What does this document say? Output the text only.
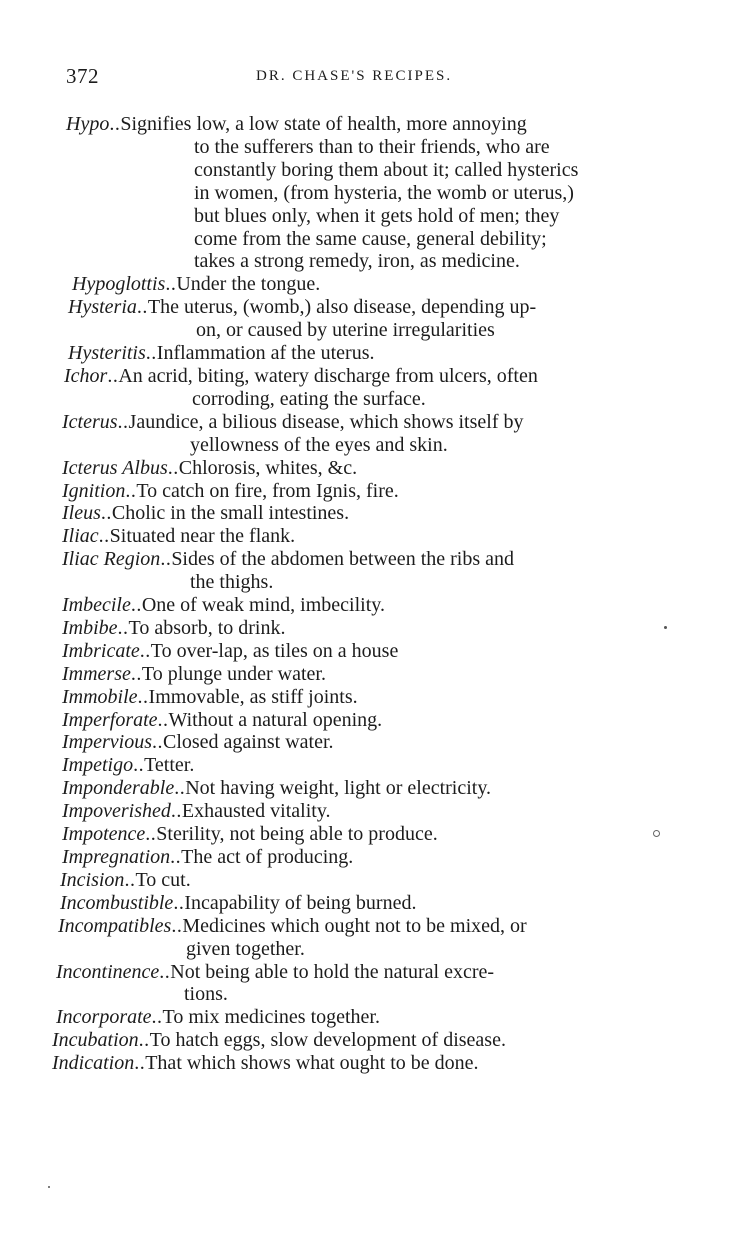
372	DR. CHASE'S RECIPES.
Hypo..Signifies low, a low state of health, more annoying
to the sufferers than to their friends, who are
constantly boring them about it; called hysterics
in women, (from hysteria, the womb or uterus,)
but blues only, when it gets hold of men; they
come from the same cause, general debility;
takes a strong remedy, iron, as medicine.
Hypoglottis..Under the tongue.
Hysteria..The uterus, (womb,) also disease, depending up-
on, or caused by uterine irregularities
Hysteritis..Inflammation af the uterus.
Ichor..An acrid, biting, watery discharge from ulcers, often
corroding, eating the surface.
Icterus..Jaundice, a bilious disease, which shows itself by
yellowness of the eyes and skin.
Icterus Albus..Chlorosis, whites, &c.
Ignition..To catch on fire, from Ignis, fire.
Ileus..Cholic in the small intestines.
Iliac..Situated near the flank.
Iliac Region..Sides of the abdomen between the ribs and
the thighs.
Imbecile..One of weak mind, imbecility.
Imbibe..To absorb, to drink.
Imbricate..To over-lap, as tiles on a house
Immerse..To plunge under water.
Immobile..Immovable, as stiff joints.
Imperforate..Without a natural opening.
Impervious..Closed against water.
Impetigo..Tetter.
Imponderable..Not having weight, light or electricity.
Impoverished..Exhausted vitality.
Impotence..Sterility, not being able to produce.
Impregnation..The act of producing.
Incision..To cut.
Incombustible..Incapability of being burned.
Incompatibles..Medicines which ought not to be mixed, or
given together.
Incontinence..Not being able to hold the natural excre-
tions.
Incorporate..To mix medicines together.
Incubation..To hatch eggs, slow development of disease.
Indication..That which shows what ought to be done.
